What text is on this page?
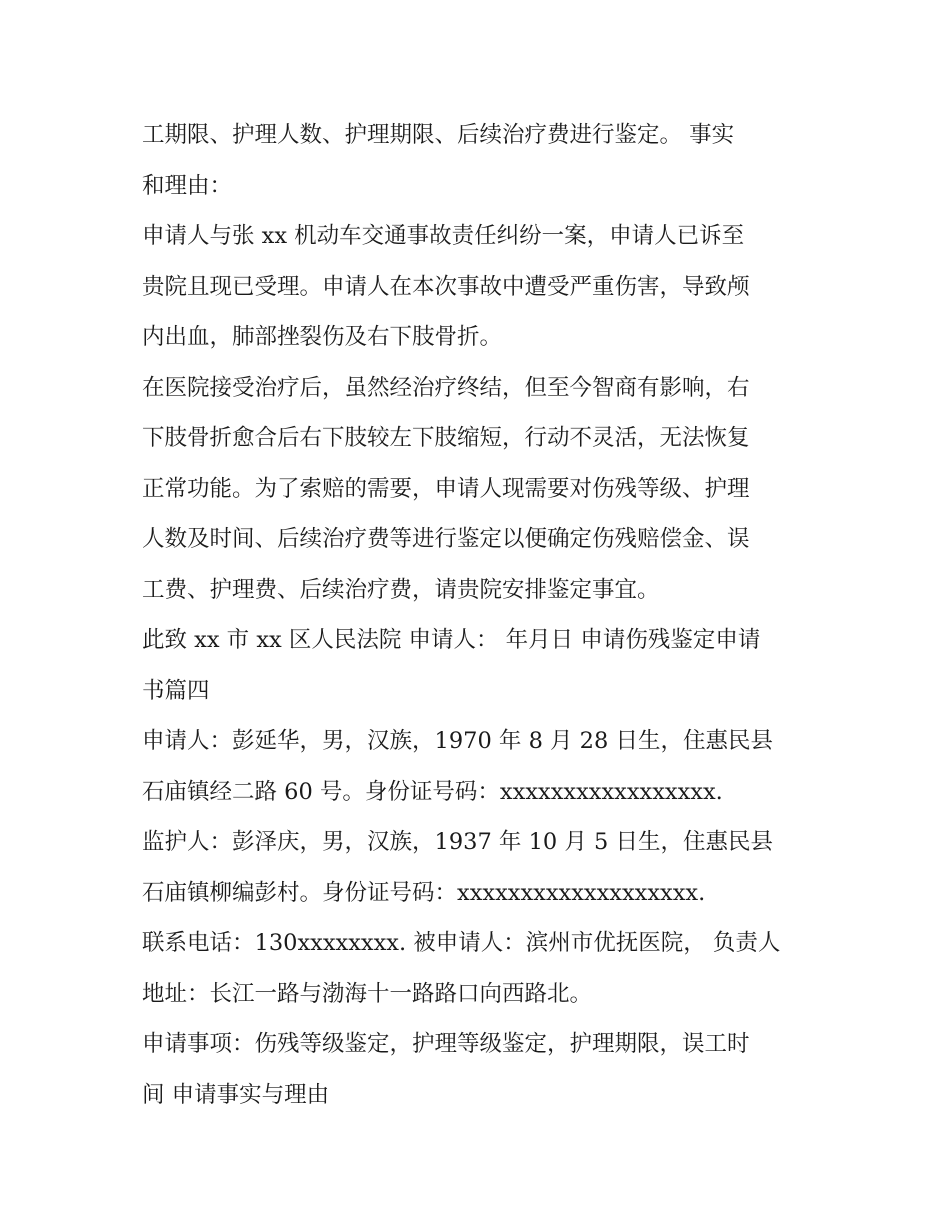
工期限、护理人数、护理期限、后续治疗费进行鉴定。 事实
和理由：
申请人与张 xx 机动车交通事故责任纠纷一案，申请人已诉至
贵院且现已受理。申请人在本次事故中遭受严重伤害，导致颅
内出血，肺部挫裂伤及右下肢骨折。
在医院接受治疗后，虽然经治疗终结，但至今智商有影响，右
下肢骨折愈合后右下肢较左下肢缩短，行动不灵活，无法恢复
正常功能。为了索赔的需要，申请人现需要对伤残等级、护理
人数及时间、后续治疗费等进行鉴定以便确定伤残赔偿金、误
工费、护理费、后续治疗费，请贵院安排鉴定事宜。
此致 xx 市 xx 区人民法院 申请人： 年月日 申请伤残鉴定申请
书篇四
申请人：彭延华，男，汉族，1970 年 8 月 28 日生，住惠民县
石庙镇经二路 60 号。身份证号码：xxxxxxxxxxxxxxxxx.
监护人：彭泽庆，男，汉族，1937 年 10 月 5 日生，住惠民县
石庙镇柳编彭村。身份证号码：xxxxxxxxxxxxxxxxxxx.
联系电话：130xxxxxxxx. 被申请人：滨州市优抚医院， 负责人
地址：长江一路与渤海十一路路口向西路北。
申请事项：伤残等级鉴定，护理等级鉴定，护理期限，误工时
间 申请事实与理由
